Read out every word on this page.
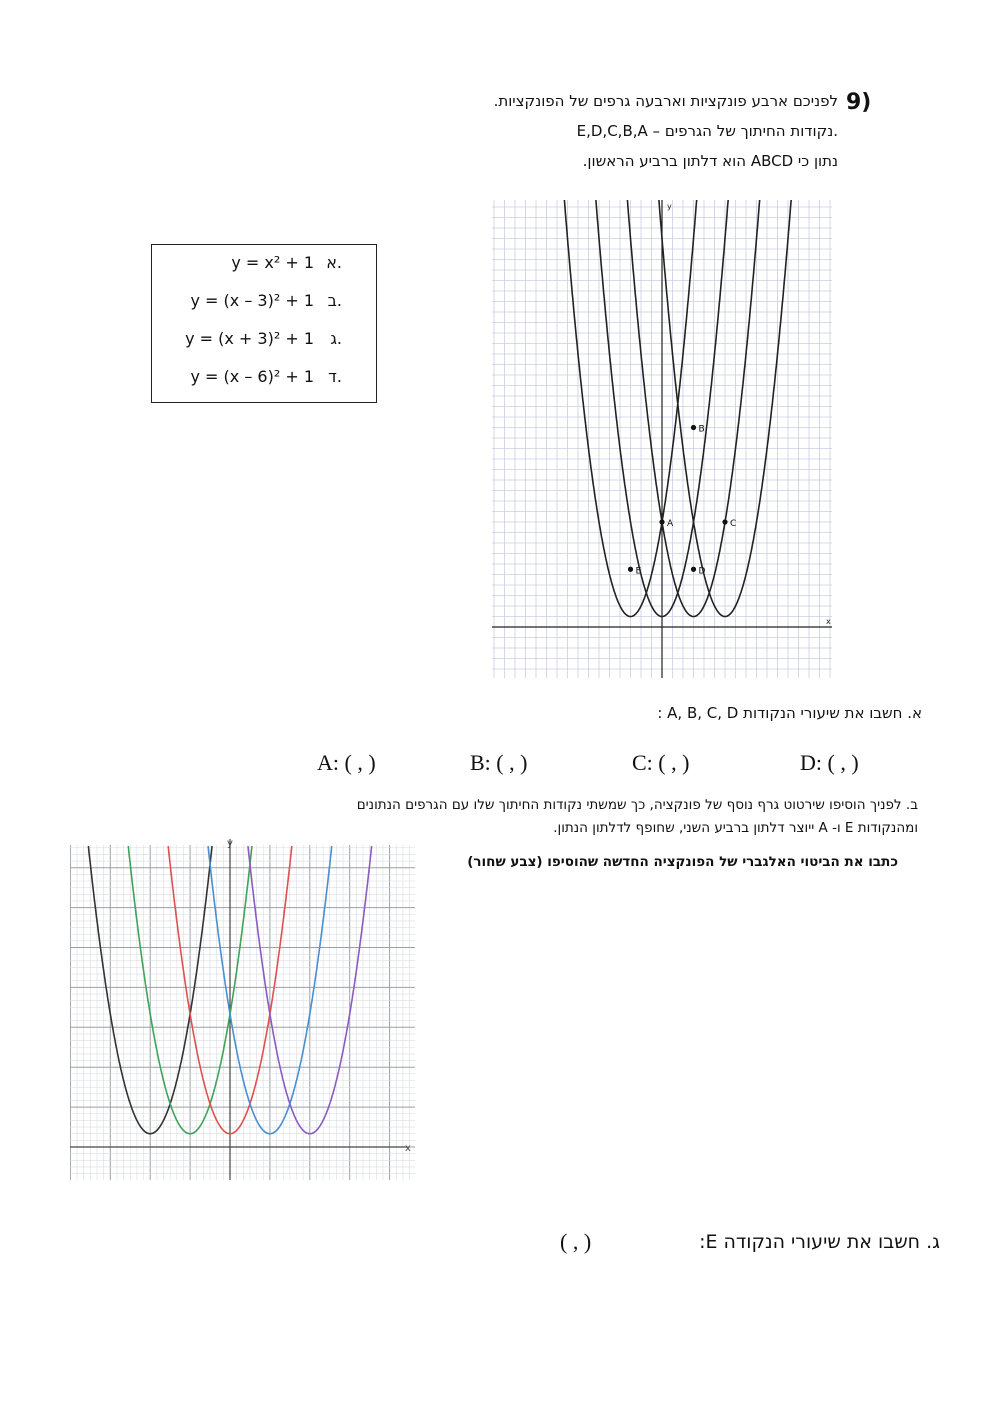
9)
לפניכם ארבע פונקציות וארבעה גרפים של הפונקציות.
E,D,C,B,A – נקודות החיתוך של הגרפים.
נתון כי ABCD הוא דלתון ברביע הראשון.
y = x² + 1 א.
y = (x – 3)² + 1 ב.
y = (x + 3)² + 1 ג.
y = (x – 6)² + 1 ד.
y
x
A
B
C
D
E
א. חשבו את שיעורי הנקודות A, B, C, D :
A: ( , )	B: ( , )	C: ( , )	D: ( , )
ב. לפניך הוסיפו שירטוט גרף נוסף של פונקציה, כך שמשתי נקודות החיתוך שלו עם הגרפים הנתונים
ומהנקודות E ו- A ייוצר דלתון ברביע השני, שחופף לדלתון הנתון.
כתבו את הביטוי האלגברי של הפונקציה החדשה שהוסיפו (צבע שחור)
y
x
ג. חשבו את שיעורי הנקודה E:
( , )
